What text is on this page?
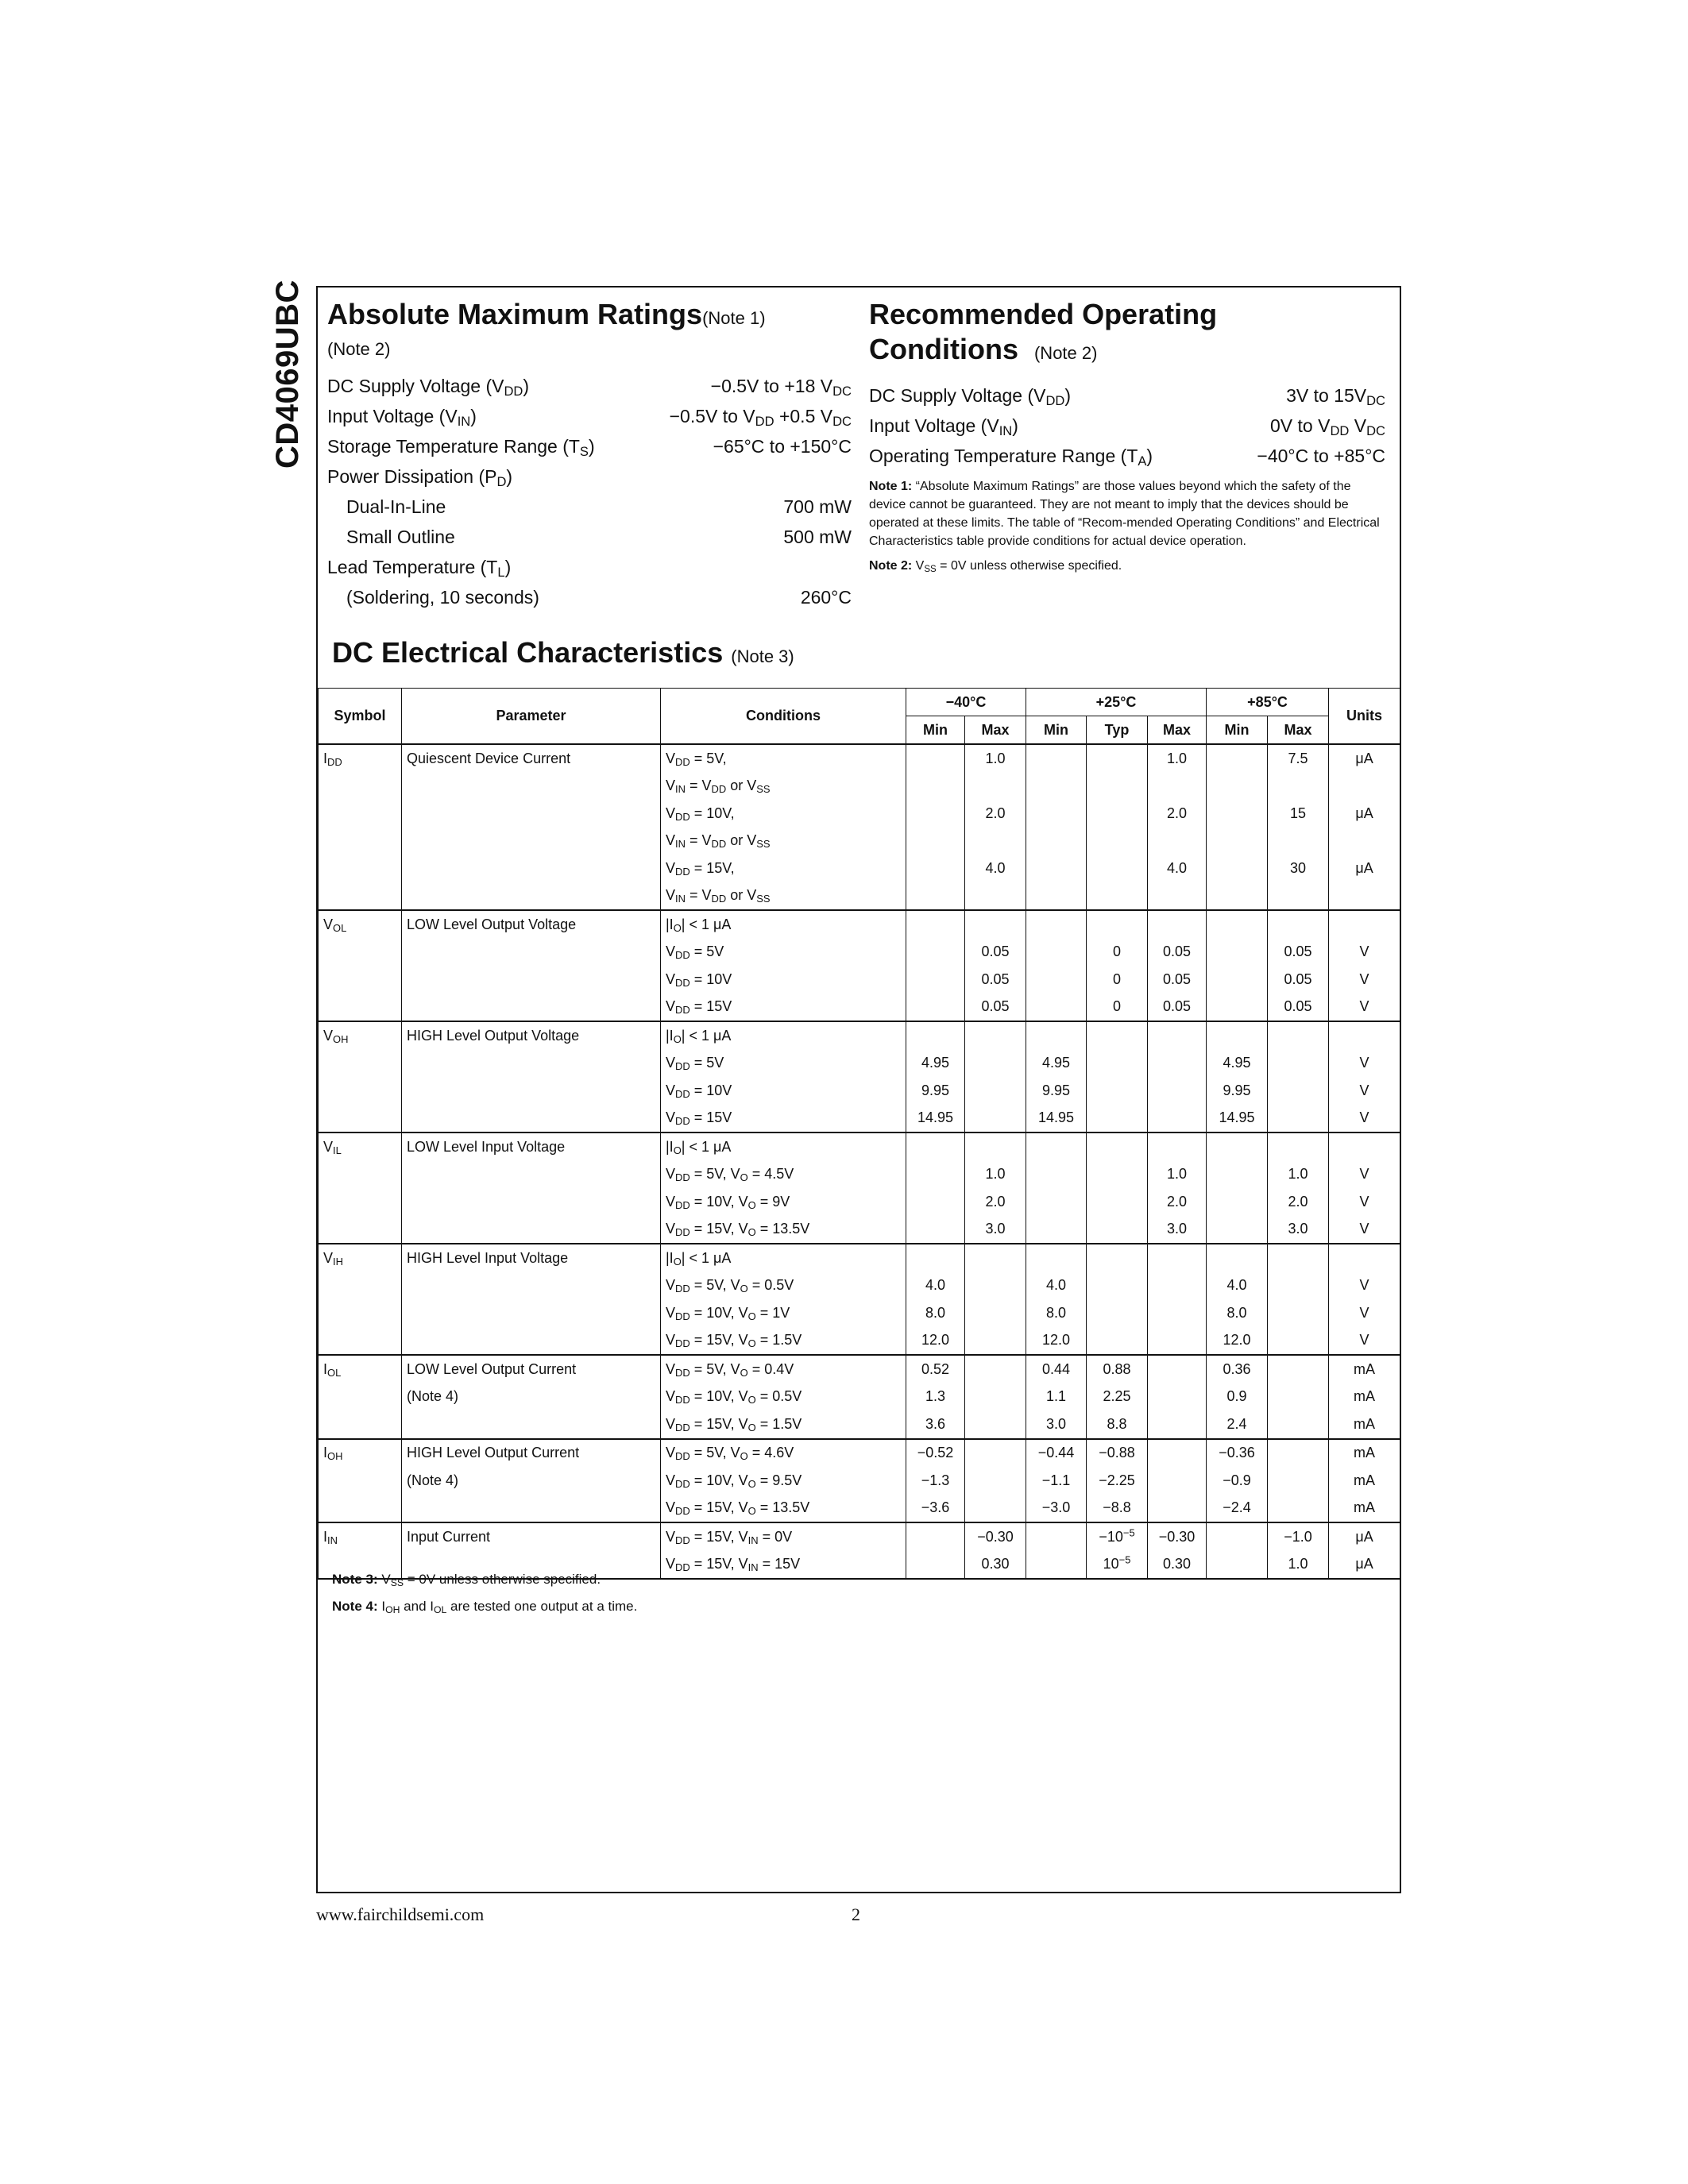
CD4069UBC Absolute Maximum Ratings(Note 1)
(Note 2)
DC Supply Voltage $(V_{DD})$	−0.5V to +18 $V_{DC}$
Input Voltage $(V_{IN})$	−0.5V to $V_{DD} +0.5$ $V_{DC}$
Storage Temperature Range $(T_S)$	−65°C to +150°C
Power Dissipation $(P_D)$
Dual-In-Line	700 mW
Small Outline	500 mW
Lead Temperature $(T_L)$
(Soldering, 10 seconds)	260°C
Recommended Operating
Conditions (Note 2)
DC Supply Voltage $(V_{DD})$	3V to $15V_{DC}$
Input Voltage $(V_{IN})$	0V to $V_{DD}$ $V_{DC}$
Operating Temperature Range $(T_A)$	−40°C to +85°C

Note 1: “Absolute Maximum Ratings” are those values beyond which the safety of the device cannot be guaranteed. They are not meant to imply that the devices should be operated at these limits. The table of “Recom-mended Operating Conditions” and Electrical Characteristics table provide conditions for actual device operation.

Note 2: $V_{SS} = 0V$ unless otherwise specified.

DC Electrical Characteristics (Note 3)
Symbol	Parameter	Conditions	−40°C		+25°C			+85°C		Units
			Min	Max	Min	Typ	Max	Min	Max	
$I_{DD}$	Quiescent Device Current	$V_{DD} = 5V$,		1.0			1.0		7.5	μA
		$V_{IN} = V_{DD}$ or $V_{SS}$								
		$V_{DD} = 10V$,		2.0			2.0		15	μA
		$V_{IN} = V_{DD}$ or $V_{SS}$								
		$V_{DD} = 15V$,		4.0			4.0		30	μA
		$V_{IN} = V_{DD}$ or $V_{SS}$								
$V_{OL}$	LOW Level Output Voltage	$|I_O| < 1$ μA								
		$V_{DD} = 5V$		0.05		0	0.05		0.05	V
		$V_{DD} = 10V$		0.05		0	0.05		0.05	V
		$V_{DD} = 15V$		0.05		0	0.05		0.05	V
$V_{OH}$	HIGH Level Output Voltage	$|I_O| < 1$ μA								
		$V_{DD} = 5V$	4.95		4.95			4.95		V
		$V_{DD} = 10V$	9.95		9.95			9.95		V
		$V_{DD} = 15V$	14.95		14.95			14.95		V
$V_{IL}$	LOW Level Input Voltage	$|I_O| < 1$ μA								
		$V_{DD} = 5V$, $V_O = 4.5V$		1.0			1.0		1.0	V
		$V_{DD} = 10V$, $V_O = 9V$		2.0			2.0		2.0	V
		$V_{DD} = 15V$, $V_O = 13.5V$		3.0			3.0		3.0	V
$V_{IH}$	HIGH Level Input Voltage	$|I_O| < 1$ μA								
		$V_{DD} = 5V$, $V_O = 0.5V$	4.0		4.0			4.0		V
		$V_{DD} = 10V$, $V_O = 1V$	8.0		8.0			8.0		V
		$V_{DD} = 15V$, $V_O = 1.5V$	12.0		12.0			12.0		V
$I_{OL}$	LOW Level Output Current	$V_{DD} = 5V$, $V_O = 0.4V$	0.52		0.44	0.88		0.36		mA
	(Note 4)	$V_{DD} = 10V$, $V_O = 0.5V$	1.3		1.1	2.25		0.9		mA
		$V_{DD} = 15V$, $V_O = 1.5V$	3.6		3.0	8.8		2.4		mA
$I_{OH}$	HIGH Level Output Current	$V_{DD} = 5V$, $V_O = 4.6V$	−0.52		−0.44	−0.88		−0.36		mA
	(Note 4)	$V_{DD} = 10V$, $V_O = 9.5V$	−1.3		−1.1	−2.25		−0.9		mA
		$V_{DD} = 15V$, $V_O = 13.5V$	−3.6		−3.0	−8.8		−2.4		mA
$I_{IN}$	Input Current	$V_{DD} = 15V$, $V_{IN} = 0V$		−0.30		$-10^{-5}$	−0.30		−1.0	μA
		$V_{DD} = 15V$, $V_{IN} = 15V$		0.30		$10^{-5}$	0.30		1.0	μA
Note 3: $V_{SS} = 0V$ unless otherwise specified.
Note 4: $I_{OH}$ and $I_{OL}$ are tested one output at a time.
www.fairchildsemi.com	2
